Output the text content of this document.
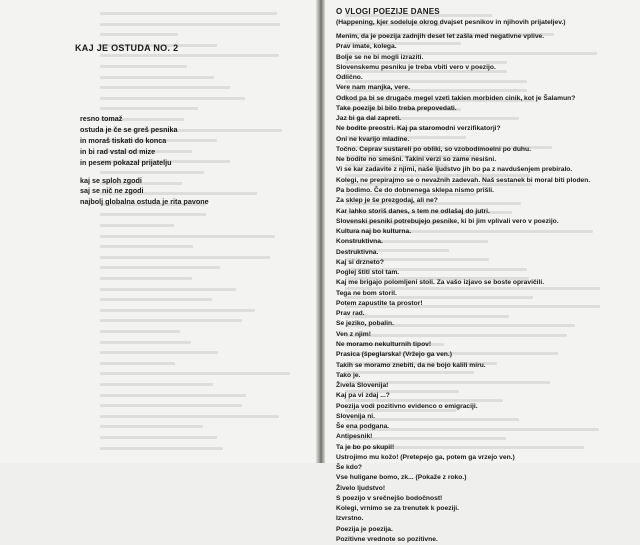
KAJ JE OSTUDA NO. 2
resno tomaž
ostuda je če se greš pesnika
in moraš tiskati do konca
in bi rad vstal od mize
in pesem pokazal prijatelju
kaj se sploh zgodi
saj se nič ne zgodi
najbolj globalna ostuda je rita pavone
O VLOGI POEZIJE DANES
(Happening, kjer sodeluje okrog dvajset pesnikov in njihovih prijateljev.)
Menim, da je poezija zadnjih deset let zašla med negativne vplive.
Prav imate, kolega.
Bolje se ne bi mogli izraziti.
Slovenskemu pesniku je treba vbiti vero v poezijo.
Odlično.
Vere nam manjka, vere.
Odkod pa bi se drugače megel vzeti takien morbiden cinik, kot je Šalamun?
Take poezije bi bilo treba prepovedati.
Jaz bi ga dal zapreti.
Ne bodite preostri. Kaj pa staromodni verzifikatorji?
Oni ne kvarijo mladine.
Točno. Ceprav sustareli po obliki, so vzobodimoelni po duhu.
Ne bodite no smešni. Takini verzi so zame nesišni.
Vi se kar zadavite z njimi, naše ljudstvo jih bo pa z navdušenjem prebiralo.
Kolegi, ne prepirajmo se o nevažnih zadevah. Naš sestanek bi moral biti ploden.
Pa bodimo. Če do dobnenega sklepa nismo prišli.
Za sklep je še prezgodaj, ali ne?
Kar lahko storiš danes, s tem ne odlašaj do jutri.
Slovenski pesniki potrebujejo pesnike, ki bi jim vplivali vero v poezijo.
Kultura naj bo kulturna.
Konstruktivna.
Destruktivna.
Kaj si drzneto?
Poglej štiti stol tam.
Kaj me brigajo polomljeni stoli. Za vašo izjavo se boste opravičili.
Tega ne bom storil.
Potem zapustite ta prostor!
Prav rad.
Se jeziko, pobalin.
Ven z njim!
Ne moramo nekulturnih tipov!
Prasica (špeglarska! (Vržejo ga ven.)
Takih se moramo znebiti, da ne bojo kalili miru.
Tako je.
Živela Slovenija!
Kaj pa vi zdaj ...?
Poezija vodi pozitivno evidenco o emigraciji.
Slovenija ni.
Še ena podgana.
Antipesnik!
Ta je bo po skupil!
Ustrojimo mu kožo! (Pretepejo ga, potem ga vrzejo ven.)
Še kdo?
Vse huligane bomo, zk... (Pokaže z roko.)
Živelo ljudstvo!
S poezijo v srečnejšo bodočnost!
Kolegi, vrnimo se za trenutek k poeziji.
Izvrstno.
Poezija je poezija.
Pozitivne vrednote so pozitivne.
